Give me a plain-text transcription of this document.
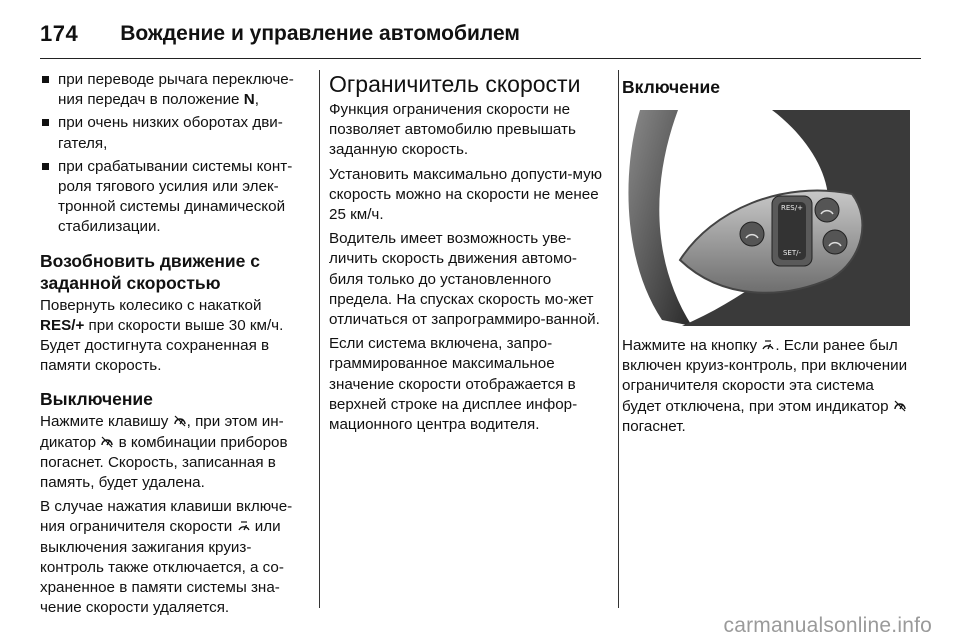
174 Вождение и управление автомобилем
при переводе рычага переключе-ния передач в положение N,
при очень низких оборотах дви-гателя,
при срабатывании системы конт-роля тягового усилия или элек-тронной системы динамической стабилизации.
Возобновить движение с заданной скоростью

Повернуть колесико с накаткой RES/+ при скорости выше 30 км/ч. Будет достигнута сохраненная в памяти скорость.

Выключение

Нажмите клавишу , при этом ин-дикатор  в комбинации приборов погаснет. Скорость, записанная в память, будет удалена.

В случае нажатия клавиши включе-ния ограничителя скорости  или выключения зажигания круиз-контроль также отключается, а со-храненное в памяти системы зна-чение скорости удаляется.

Ограничитель скорости

Функция ограничения скорости не позволяет автомобилю превышать заданную скорость.

Установить максимально допусти-мую скорость можно на скорости не менее 25 км/ч.

Водитель имеет возможность уве-личить скорость движения автомо-биля только до установленного предела. На спусках скорость мо-жет отличаться от запрограммиро-ванной.

Если система включена, запро-граммированное максимальное значение скорости отображается в верхней строке на дисплее инфор-мационного центра водителя.

Включение
RES/+
SET/-

Нажмите на кнопку . Если ранее был включен круиз-контроль, при включении ограничителя скорости эта система будет отключена, при этом индикатор  погаснет.

carmanualsonline.info
